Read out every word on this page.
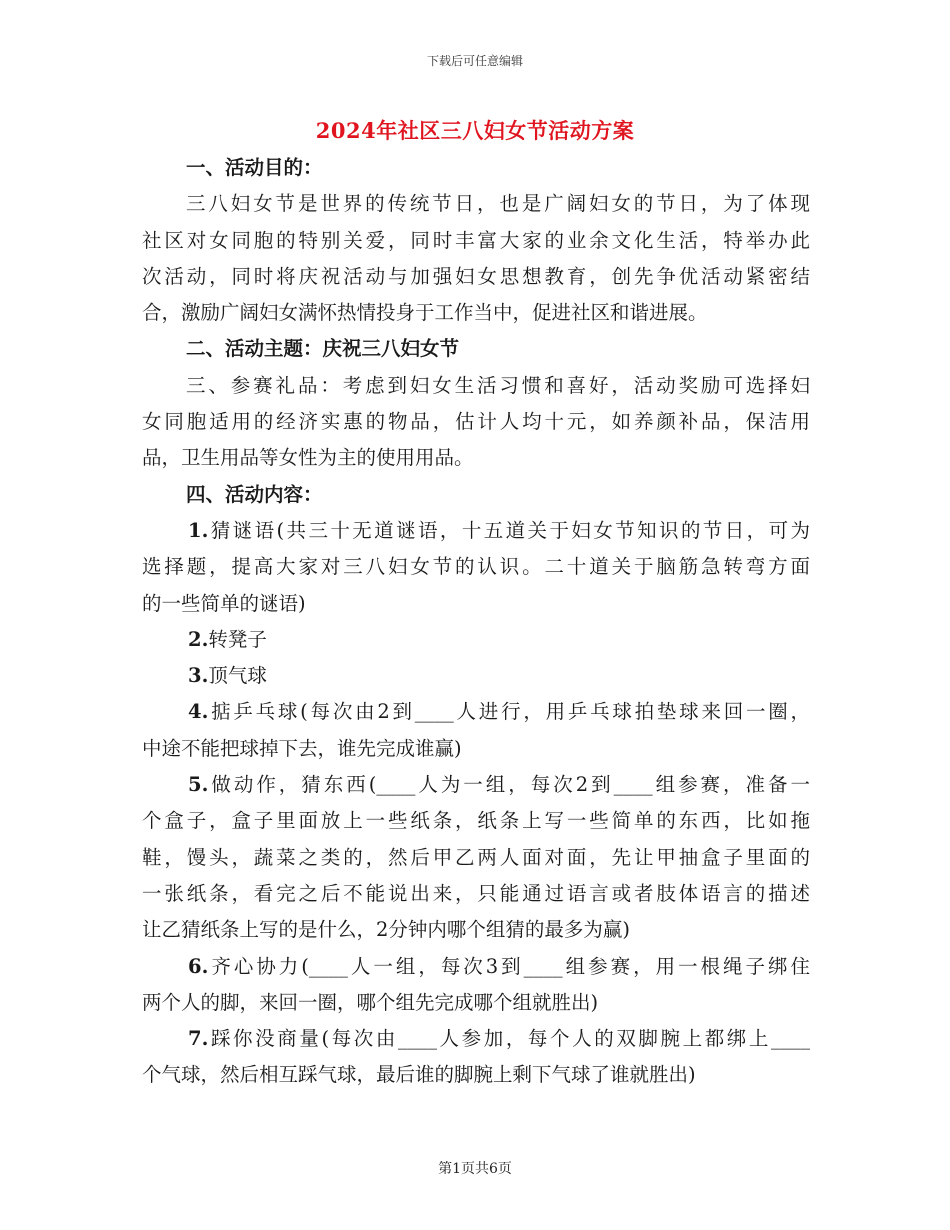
下载后可任意编辑
2024年社区三八妇女节活动方案
一、活动目的：
三八妇女节是世界的传统节日，也是广阔妇女的节日，为了体现
社区对女同胞的特别关爱，同时丰富大家的业余文化生活，特举办此
次活动，同时将庆祝活动与加强妇女思想教育，创先争优活动紧密结
合，激励广阔妇女满怀热情投身于工作当中，促进社区和谐进展。
二、活动主题：庆祝三八妇女节
三、参赛礼品：考虑到妇女生活习惯和喜好，活动奖励可选择妇
女同胞适用的经济实惠的物品，估计人均十元，如养颜补品，保洁用
品，卫生用品等女性为主的使用用品。
四、活动内容：
1.猜谜语(共三十无道谜语，十五道关于妇女节知识的节日，可为
选择题，提高大家对三八妇女节的认识。二十道关于脑筋急转弯方面
的一些简单的谜语)
2.转凳子
3.顶气球
4.掂乒乓球(每次由2到____人进行，用乒乓球拍垫球来回一圈，
中途不能把球掉下去，谁先完成谁赢)
5.做动作，猜东西(____人为一组，每次2到____组参赛，准备一
个盒子，盒子里面放上一些纸条，纸条上写一些简单的东西，比如拖
鞋，馒头，蔬菜之类的，然后甲乙两人面对面，先让甲抽盒子里面的
一张纸条，看完之后不能说出来，只能通过语言或者肢体语言的描述
让乙猜纸条上写的是什么，2分钟内哪个组猜的最多为赢)
6.齐心协力(____人一组，每次3到____组参赛，用一根绳子绑住
两个人的脚，来回一圈，哪个组先完成哪个组就胜出)
7.踩你没商量(每次由____人参加，每个人的双脚腕上都绑上____
个气球，然后相互踩气球，最后谁的脚腕上剩下气球了谁就胜出)
第1页共6页
